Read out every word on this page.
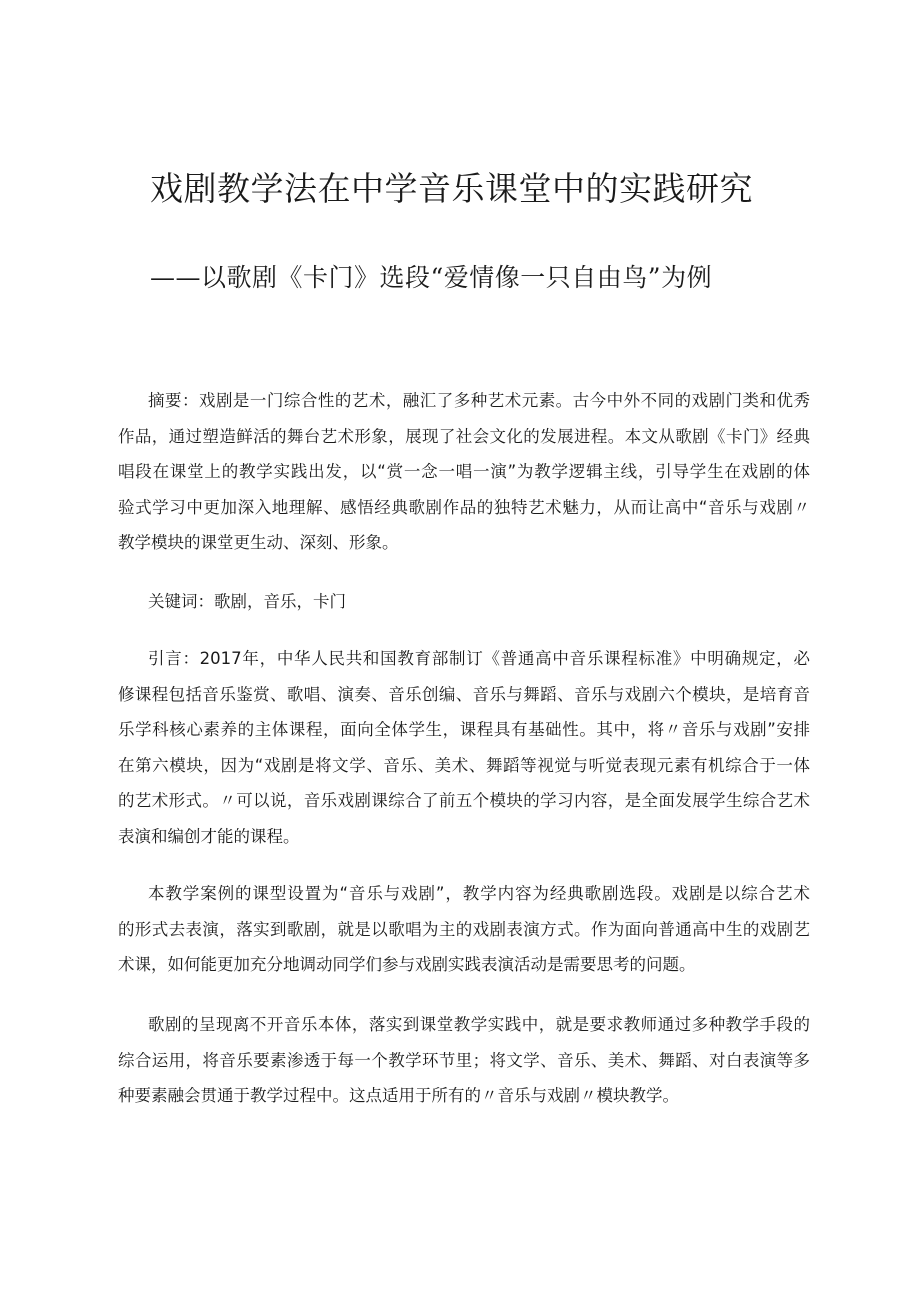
戏剧教学法在中学音乐课堂中的实践研究
——以歌剧《卡门》选段“爱情像一只自由鸟”为例

摘要：戏剧是一门综合性的艺术，融汇了多种艺术元素。古今中外不同的戏剧门类和优秀
作品，通过塑造鲜活的舞台艺术形象，展现了社会文化的发展进程。本文从歌剧《卡门》经典
唱段在课堂上的教学实践出发，以“赏一念一唱一演”为教学逻辑主线，引导学生在戏剧的体
验式学习中更加深入地理解、感悟经典歌剧作品的独特艺术魅力，从而让高中“音乐与戏剧〃
教学模块的课堂更生动、深刻、形象。

关键词：歌剧，音乐，卡门

引言：2017年，中华人民共和国教育部制订《普通高中音乐课程标准》中明确规定，必
修课程包括音乐鉴赏、歌唱、演奏、音乐创编、音乐与舞蹈、音乐与戏剧六个模块，是培育音
乐学科核心素养的主体课程，面向全体学生，课程具有基础性。其中，将〃音乐与戏剧”安排
在第六模块，因为“戏剧是将文学、音乐、美术、舞蹈等视觉与听觉表现元素有机综合于一体
的艺术形式。〃可以说，音乐戏剧课综合了前五个模块的学习内容，是全面发展学生综合艺术
表演和编创才能的课程。

本教学案例的课型设置为“音乐与戏剧”，教学内容为经典歌剧选段。戏剧是以综合艺术
的形式去表演，落实到歌剧，就是以歌唱为主的戏剧表演方式。作为面向普通高中生的戏剧艺
术课，如何能更加充分地调动同学们参与戏剧实践表演活动是需要思考的问题。

歌剧的呈现离不开音乐本体，落实到课堂教学实践中，就是要求教师通过多种教学手段的
综合运用，将音乐要素渗透于每一个教学环节里；将文学、音乐、美术、舞蹈、对白表演等多
种要素融会贯通于教学过程中。这点适用于所有的〃音乐与戏剧〃模块教学。
